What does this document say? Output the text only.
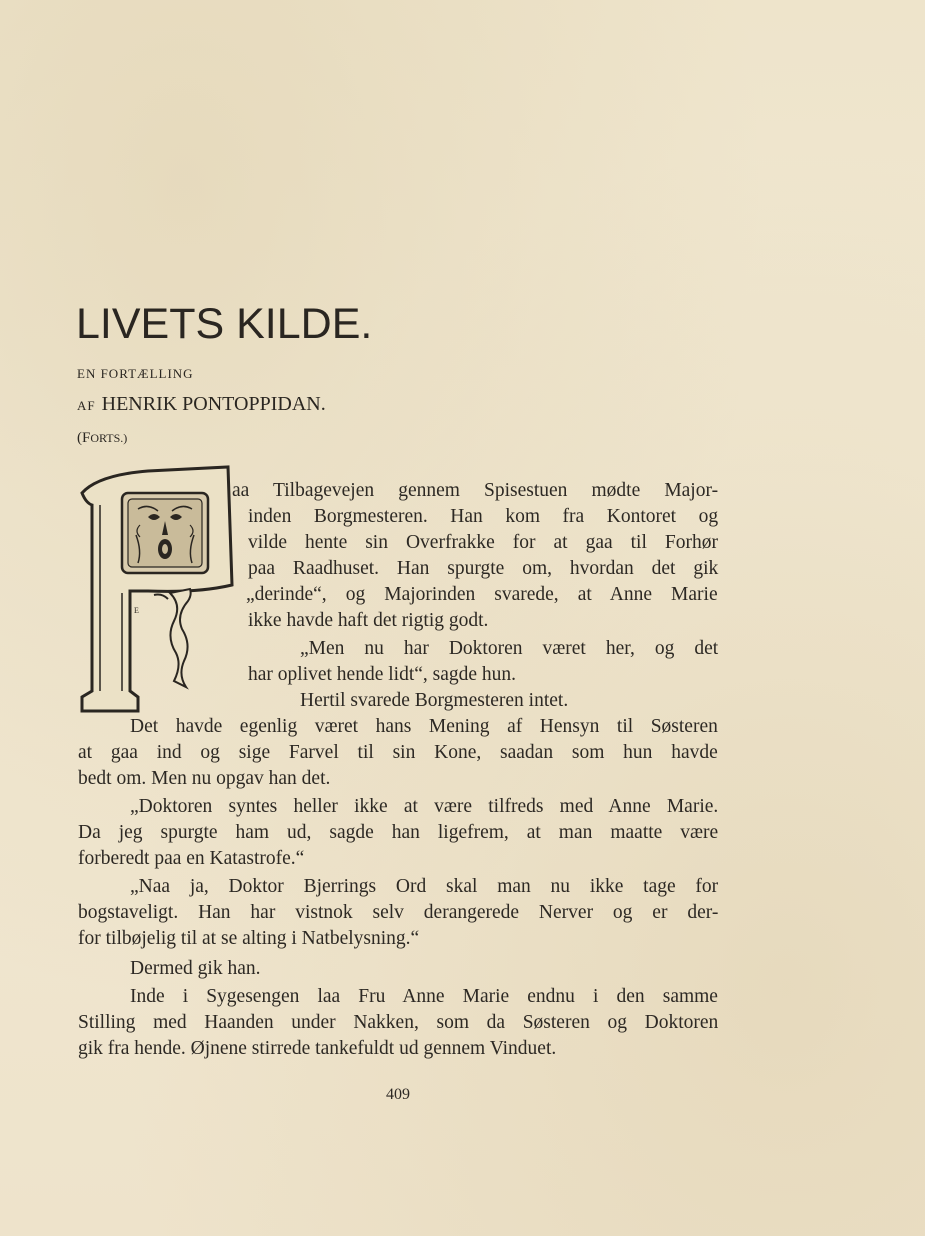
LIVETS KILDE.
EN FORTÆLLING
AF HENRIK PONTOPPIDAN.
(FORTS.)
E
aa Tilbagevejen gennem Spisestuen mødte Major-
inden Borgmesteren. Han kom fra Kontoret og
vilde hente sin Overfrakke for at gaa til Forhør
paa Raadhuset. Han spurgte om, hvordan det gik
„derinde“, og Majorinden svarede, at Anne Marie
ikke havde haft det rigtig godt.
„Men nu har Doktoren været her, og det
har oplivet hende lidt“, sagde hun.
Hertil svarede Borgmesteren intet.
Det havde egenlig været hans Mening af Hensyn til Søsteren
at gaa ind og sige Farvel til sin Kone, saadan som hun havde
bedt om. Men nu opgav han det.
„Doktoren syntes heller ikke at være tilfreds med Anne Marie.
Da jeg spurgte ham ud, sagde han ligefrem, at man maatte være
forberedt paa en Katastrofe.“
„Naa ja, Doktor Bjerrings Ord skal man nu ikke tage for
bogstaveligt. Han har vistnok selv derangerede Nerver og er der-
for tilbøjelig til at se alting i Natbelysning.“
Dermed gik han.
Inde i Sygesengen laa Fru Anne Marie endnu i den samme
Stilling med Haanden under Nakken, som da Søsteren og Doktoren
gik fra hende. Øjnene stirrede tankefuldt ud gennem Vinduet.
409
